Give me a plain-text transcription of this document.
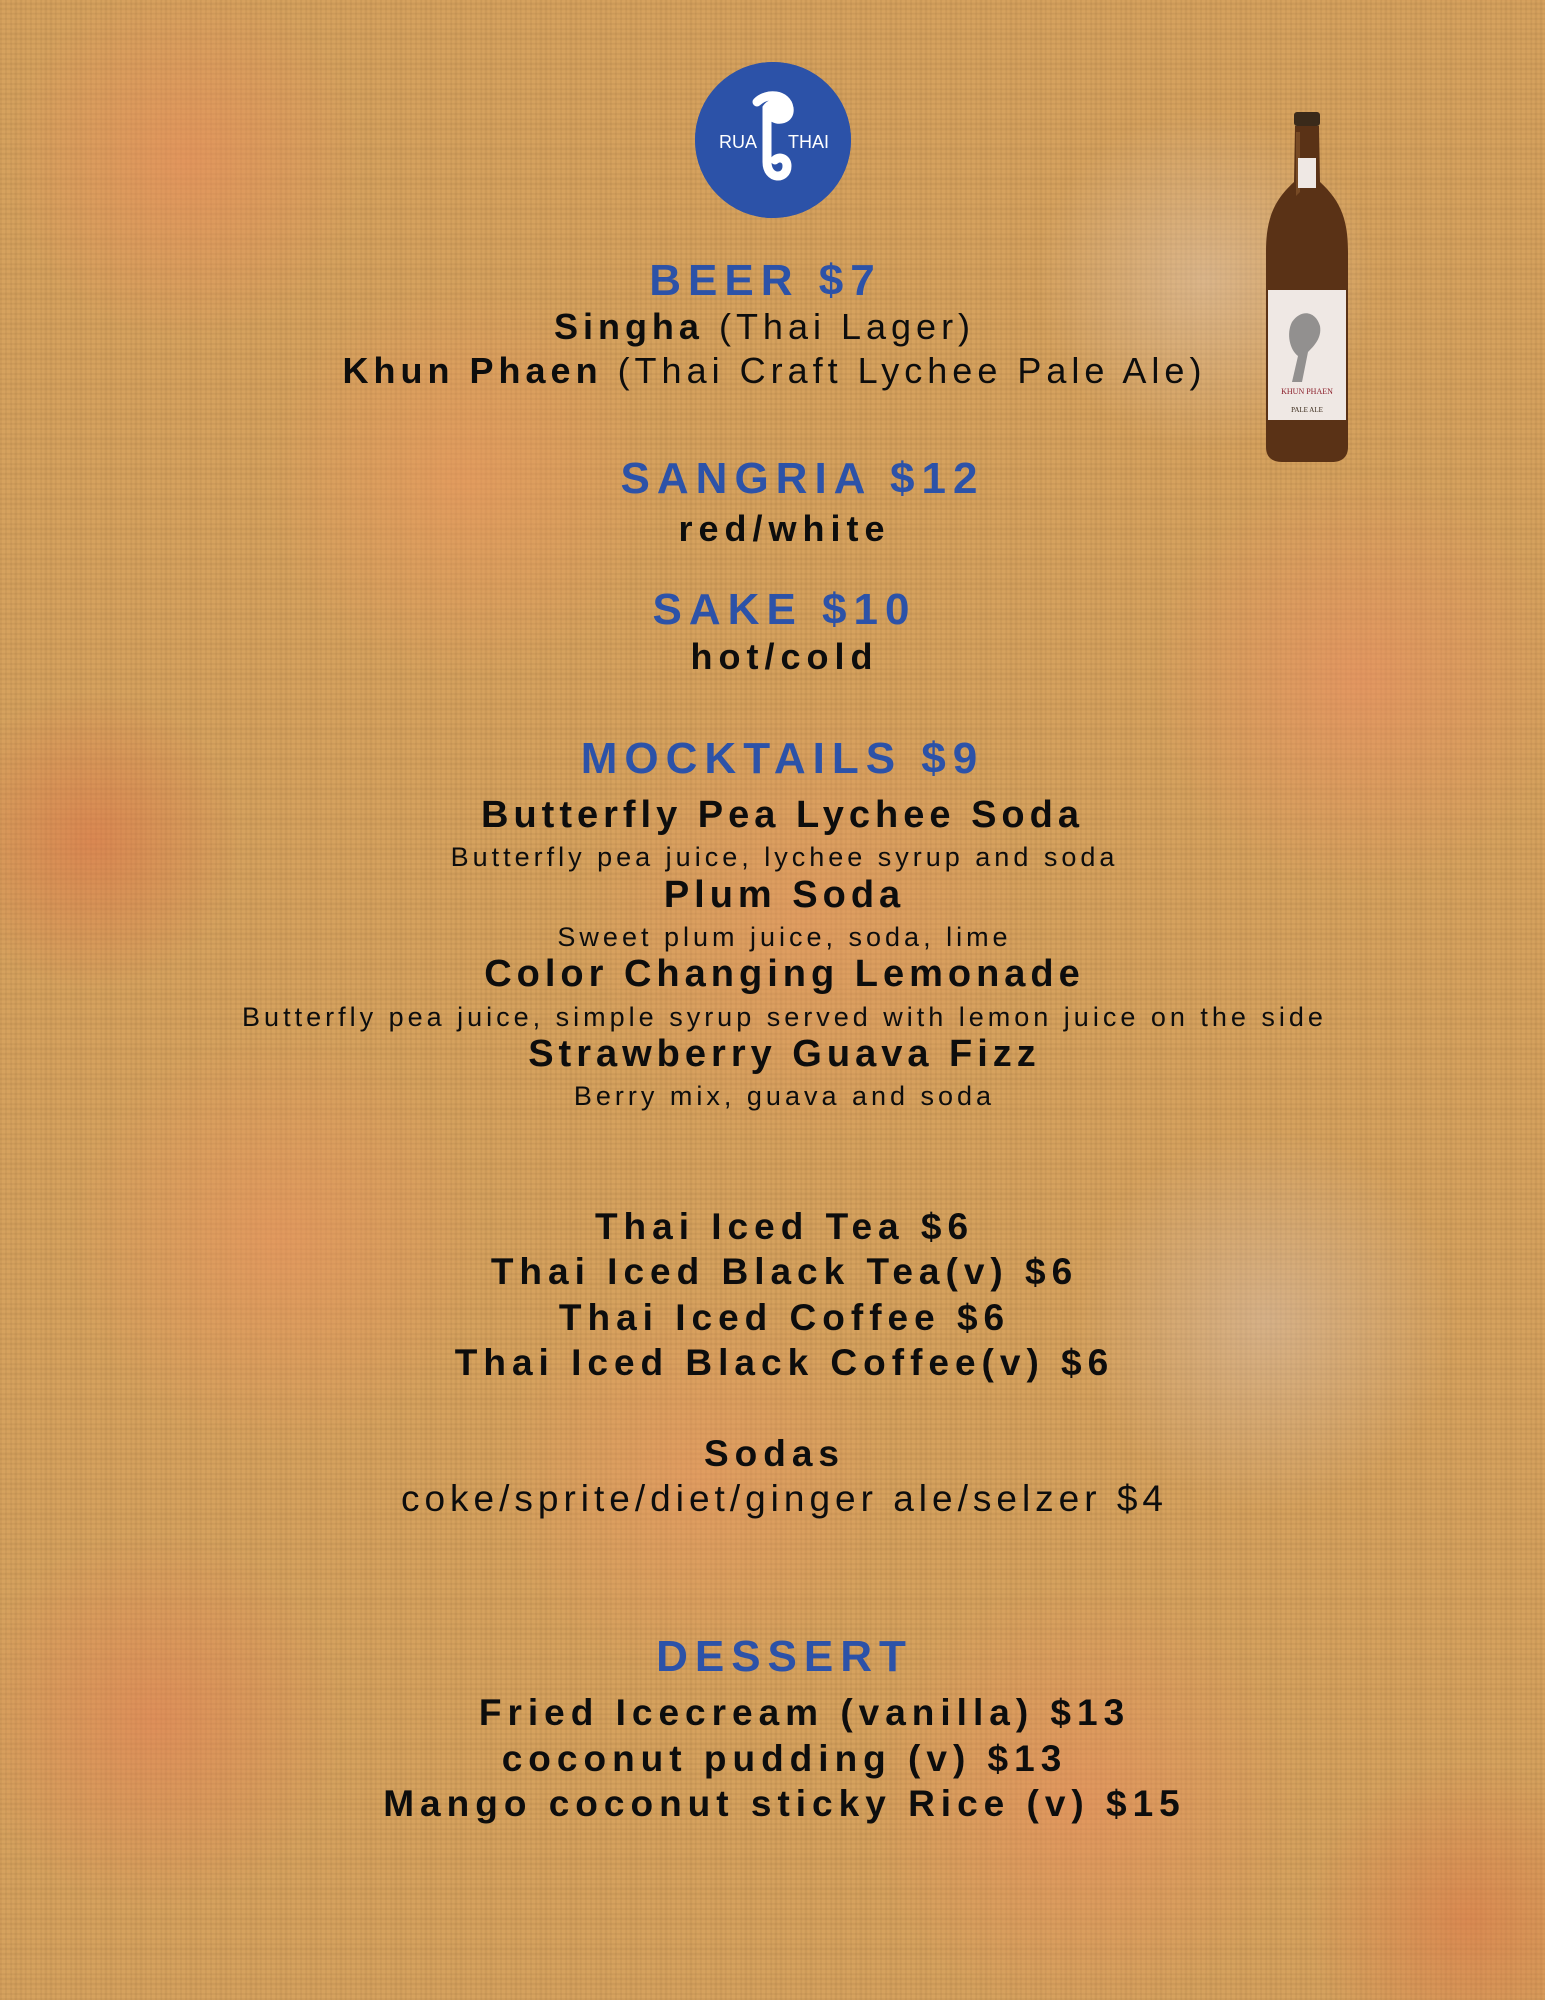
RUA THAI
KHUN PHAEN
PALE ALE
BEER $7
Singha (Thai Lager)
Khun Phaen (Thai Craft Lychee Pale Ale)
SANGRIA $12
red/white
SAKE $10
hot/cold
MOCKTAILS $9
Butterfly Pea Lychee Soda
Butterfly pea juice, lychee syrup and soda
Plum Soda
Sweet plum juice, soda, lime
Color Changing Lemonade
Butterfly pea juice, simple syrup served with lemon juice on the side
Strawberry Guava Fizz
Berry mix, guava and soda
Thai Iced Tea $6
Thai Iced Black Tea(v) $6
Thai Iced Coffee $6
Thai Iced Black Coffee(v) $6
Sodas
coke/sprite/diet/ginger ale/selzer $4
DESSERT
Fried Icecream (vanilla) $13
coconut pudding (v) $13
Mango coconut sticky Rice (v) $15
